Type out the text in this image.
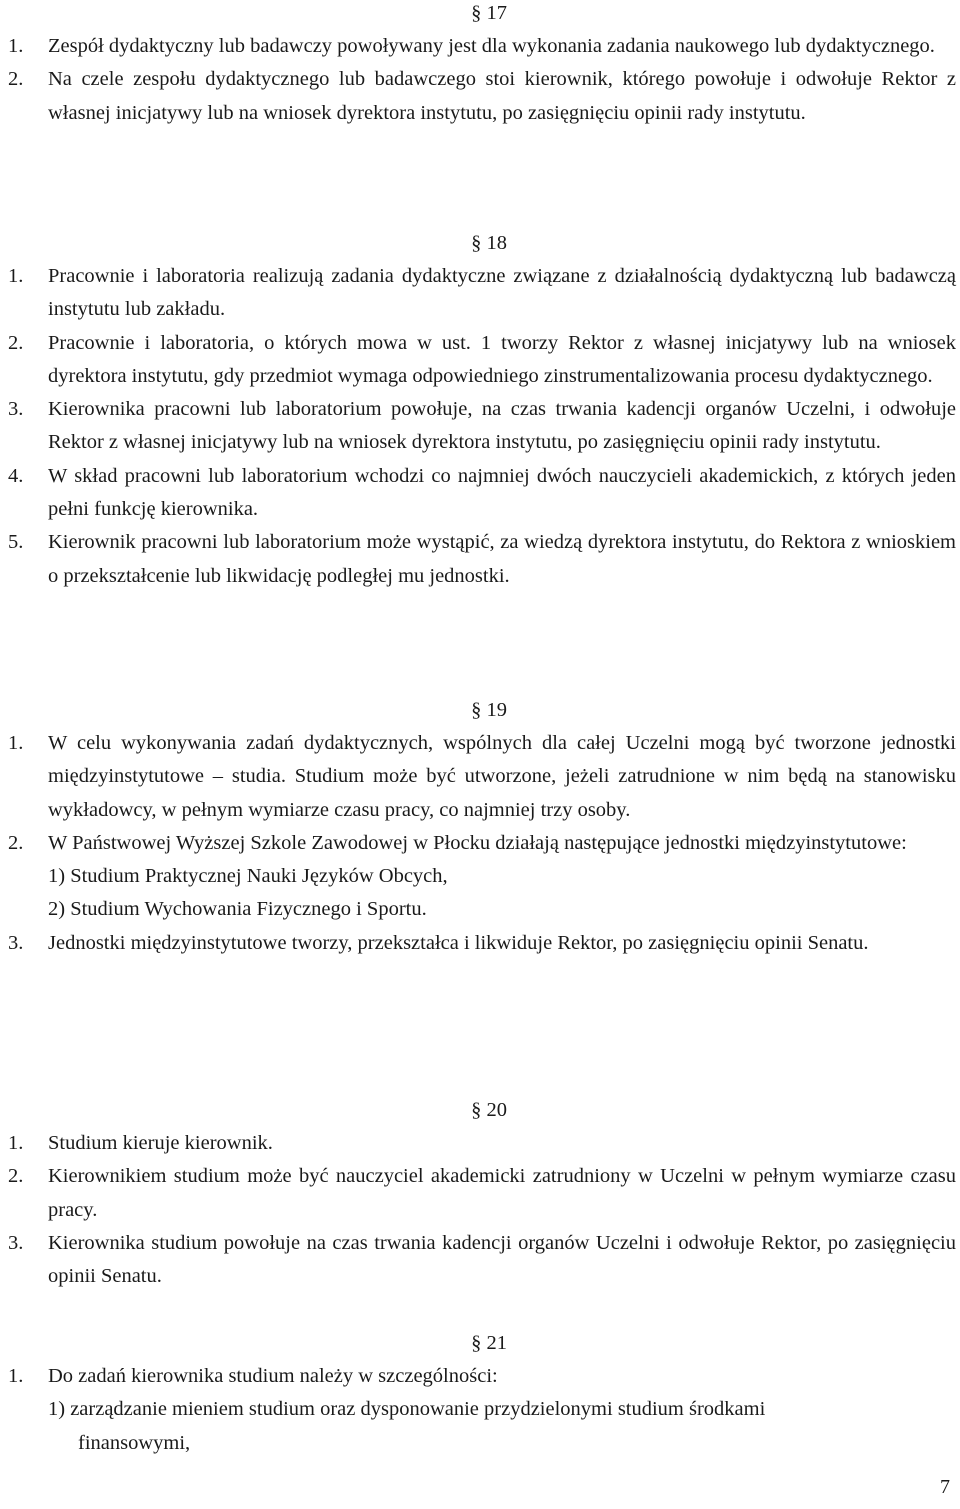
§ 17
1.	Zespół dydaktyczny lub badawczy powoływany jest dla wykonania zadania naukowego lub dydaktycznego.
2.	Na czele zespołu dydaktycznego lub badawczego stoi kierownik, którego powołuje i odwołuje Rektor z własnej inicjatywy lub na wniosek dyrektora instytutu, po zasięgnięciu opinii rady instytutu.
§ 18
1.	Pracownie i laboratoria realizują zadania dydaktyczne związane z działalnością dydaktyczną lub badawczą instytutu lub zakładu.
2.	Pracownie i laboratoria, o których mowa w ust. 1 tworzy Rektor z własnej inicjatywy lub na wniosek dyrektora instytutu, gdy przedmiot wymaga odpowiedniego zinstrumentalizowania procesu dydaktycznego.
3.	Kierownika pracowni lub laboratorium powołuje, na czas trwania kadencji organów Uczelni, i odwołuje Rektor z własnej inicjatywy lub na wniosek dyrektora instytutu, po zasięgnięciu opinii rady instytutu.
4.	W skład pracowni lub laboratorium wchodzi co najmniej dwóch nauczycieli akademickich, z których jeden pełni funkcję kierownika.
5.	Kierownik pracowni lub laboratorium może wystąpić, za wiedzą dyrektora instytutu, do Rektora z wnioskiem o przekształcenie lub likwidację podległej mu jednostki.
§ 19
1.	W celu wykonywania zadań dydaktycznych, wspólnych dla całej Uczelni mogą być tworzone jednostki międzyinstytutowe – studia. Studium może być utworzone, jeżeli zatrudnione w nim będą na stanowisku wykładowcy, w pełnym wymiarze czasu pracy, co najmniej trzy osoby.
2.	W Państwowej Wyższej Szkole Zawodowej w Płocku działają następujące jednostki międzyinstytutowe:
1) Studium Praktycznej Nauki Języków Obcych,
2) Studium Wychowania Fizycznego i Sportu.
3.	Jednostki międzyinstytutowe tworzy, przekształca i likwiduje Rektor, po zasięgnięciu opinii Senatu.
§ 20
1.	Studium kieruje kierownik.
2.	Kierownikiem studium może być nauczyciel akademicki zatrudniony w Uczelni w pełnym wymiarze czasu pracy.
3.	Kierownika studium powołuje na czas trwania kadencji organów Uczelni i odwołuje Rektor, po zasięgnięciu opinii Senatu.
§ 21
1.	Do zadań kierownika studium należy w szczególności:
1) zarządzanie mieniem studium oraz dysponowanie przydzielonymi studium środkami
finansowymi,
7
